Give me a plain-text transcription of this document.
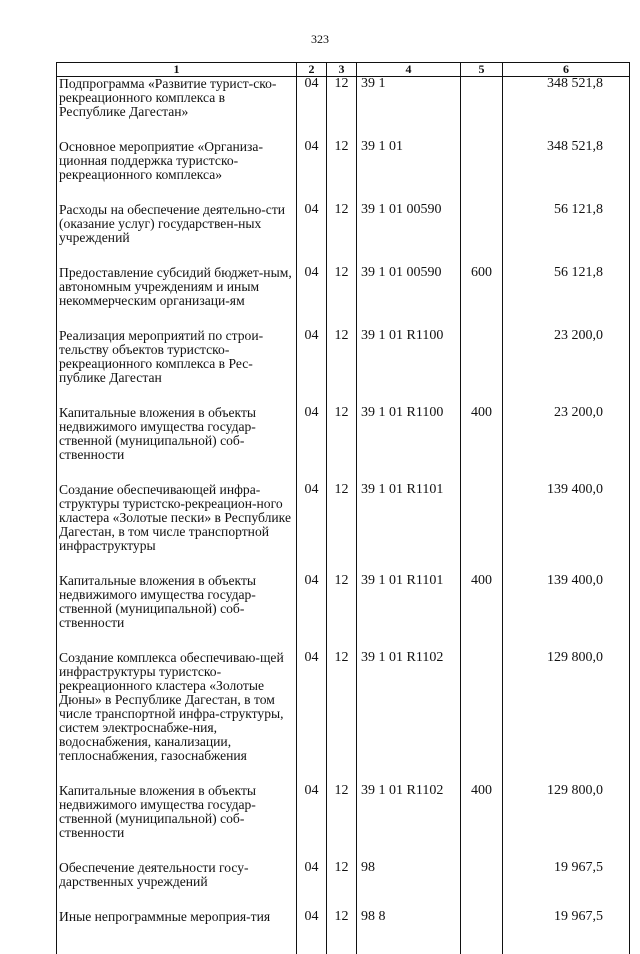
323
1	2	3	4	5	6
Подпрограмма «Развитие турист-ско-рекреационного комплекса в Республике Дагестан»	04	12	39 1		348 521,8

Основное мероприятие «Организа-ционная поддержка туристско-рекреационного комплекса»	04	12	39 1 01		348 521,8

Расходы на обеспечение деятельно-сти (оказание услуг) государствен-ных учреждений	04	12	39 1 01 00590		56 121,8

Предоставление субсидий бюджет-ным, автономным учреждениям и иным некоммерческим организаци-ям	04	12	39 1 01 00590	600	56 121,8

Реализация мероприятий по строи-тельству объектов туристско-рекреационного комплекса в Рес-публике Дагестан	04	12	39 1 01 R1100		23 200,0

Капитальные вложения в объекты недвижимого имущества государ-ственной (муниципальной) соб-ственности	04	12	39 1 01 R1100	400	23 200,0

Создание обеспечивающей инфра-структуры туристско-рекреацион-ного кластера «Золотые пески» в Республике Дагестан, в том числе транспортной инфраструктуры	04	12	39 1 01 R1101		139 400,0

Капитальные вложения в объекты недвижимого имущества государ-ственной (муниципальной) соб-ственности	04	12	39 1 01 R1101	400	139 400,0

Создание комплекса обеспечиваю-щей инфраструктуры туристско-рекреационного кластера «Золотые Дюны» в Республике Дагестан, в том числе транспортной инфра-структуры, систем электроснабже-ния, водоснабжения, канализации, теплоснабжения, газоснабжения	04	12	39 1 01 R1102		129 800,0

Капитальные вложения в объекты недвижимого имущества государ-ственной (муниципальной) соб-ственности	04	12	39 1 01 R1102	400	129 800,0

Обеспечение деятельности госу-дарственных учреждений	04	12	98		19 967,5

Иные непрограммные мероприя-тия	04	12	98 8		19 967,5
